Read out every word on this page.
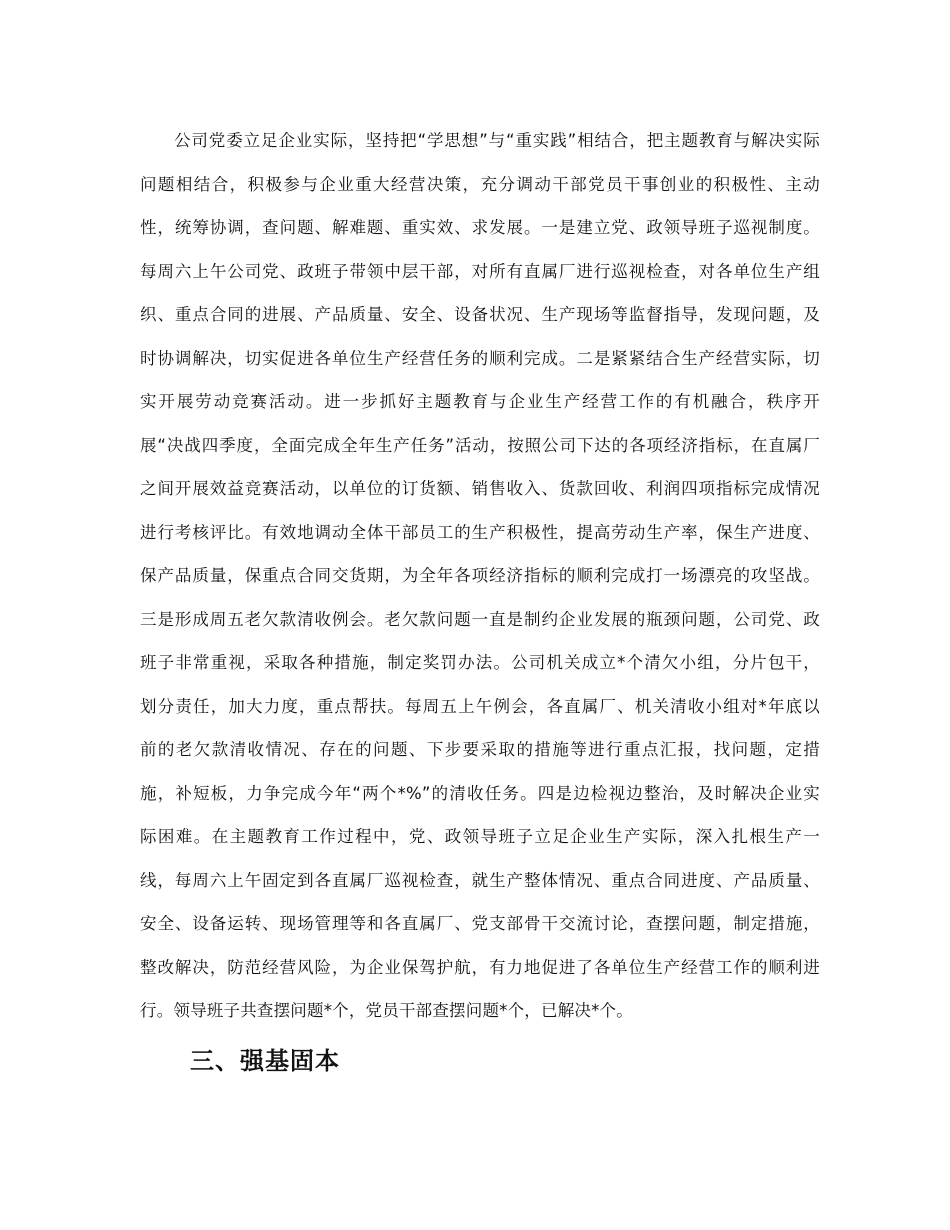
公司党委立足企业实际，坚持把“学思想”与“重实践”相结合，把主题教育与解决实际
问题相结合，积极参与企业重大经营决策，充分调动干部党员干事创业的积极性、主动
性，统筹协调，查问题、解难题、重实效、求发展。一是建立党、政领导班子巡视制度。
每周六上午公司党、政班子带领中层干部，对所有直属厂进行巡视检查，对各单位生产组
织、重点合同的进展、产品质量、安全、设备状况、生产现场等监督指导，发现问题，及
时协调解决，切实促进各单位生产经营任务的顺利完成。二是紧紧结合生产经营实际，切
实开展劳动竞赛活动。进一步抓好主题教育与企业生产经营工作的有机融合，秩序开
展“决战四季度，全面完成全年生产任务”活动，按照公司下达的各项经济指标，在直属厂
之间开展效益竞赛活动，以单位的订货额、销售收入、货款回收、利润四项指标完成情况
进行考核评比。有效地调动全体干部员工的生产积极性，提高劳动生产率，保生产进度、
保产品质量，保重点合同交货期，为全年各项经济指标的顺利完成打一场漂亮的攻坚战。
三是形成周五老欠款清收例会。老欠款问题一直是制约企业发展的瓶颈问题，公司党、政
班子非常重视，采取各种措施，制定奖罚办法。公司机关成立*个清欠小组，分片包干，
划分责任，加大力度，重点帮扶。每周五上午例会，各直属厂、机关清收小组对*年底以
前的老欠款清收情况、存在的问题、下步要采取的措施等进行重点汇报，找问题，定措
施，补短板，力争完成今年“两个*%”的清收任务。四是边检视边整治，及时解决企业实
际困难。在主题教育工作过程中，党、政领导班子立足企业生产实际，深入扎根生产一
线，每周六上午固定到各直属厂巡视检查，就生产整体情况、重点合同进度、产品质量、
安全、设备运转、现场管理等和各直属厂、党支部骨干交流讨论，查摆问题，制定措施，
整改解决，防范经营风险，为企业保驾护航，有力地促进了各单位生产经营工作的顺利进
行。领导班子共查摆问题*个，党员干部查摆问题*个，已解决*个。
三、强基固本
